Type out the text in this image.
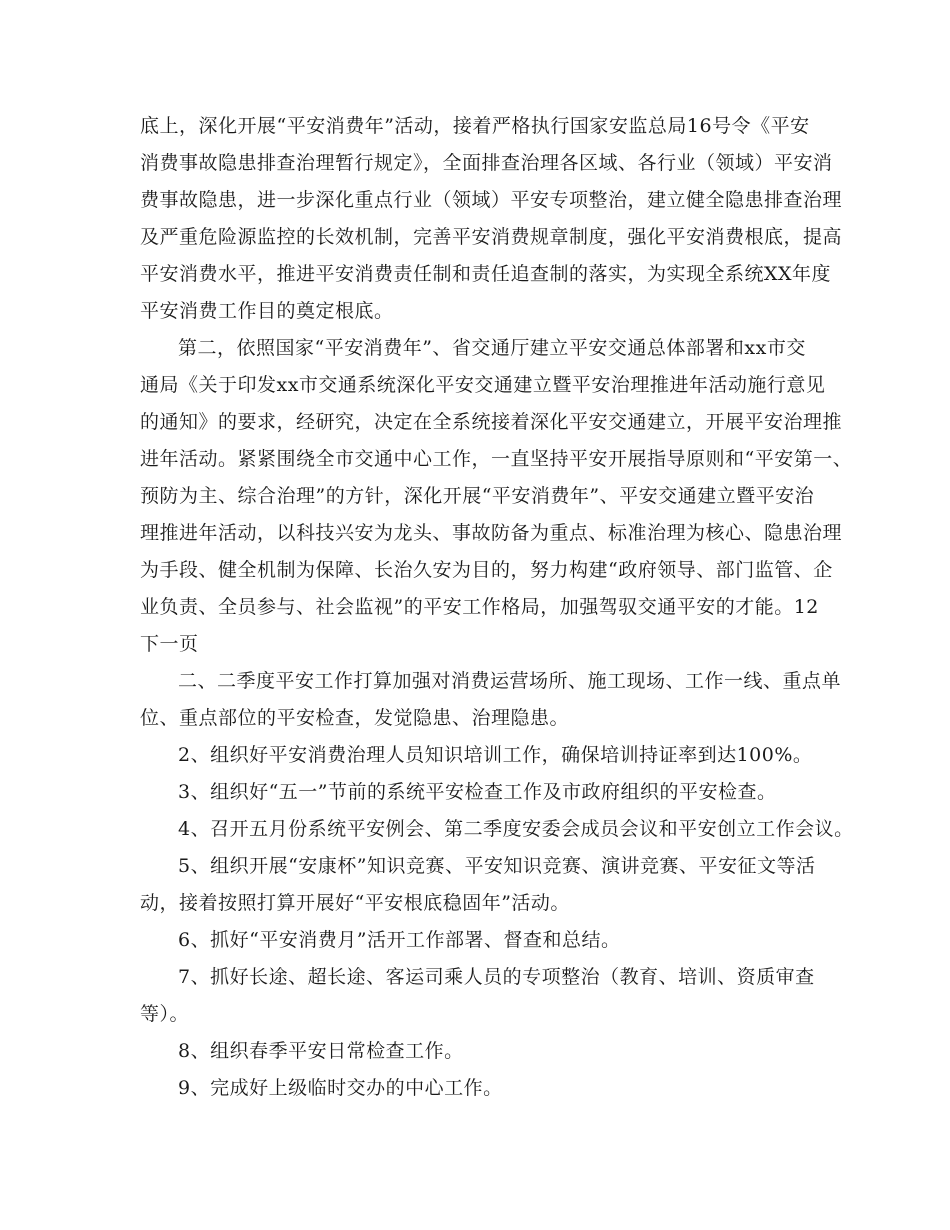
底上，深化开展“平安消费年”活动，接着严格执行国家安监总局16号令《平安
消费事故隐患排查治理暂行规定》，全面排查治理各区域、各行业（领域）平安消
费事故隐患，进一步深化重点行业（领域）平安专项整治，建立健全隐患排查治理
及严重危险源监控的长效机制，完善平安消费规章制度，强化平安消费根底，提高
平安消费水平，推进平安消费责任制和责任追查制的落实，为实现全系统XX年度
平安消费工作目的奠定根底。
第二，依照国家“平安消费年”、省交通厅建立平安交通总体部署和xx市交
通局《关于印发xx市交通系统深化平安交通建立暨平安治理推进年活动施行意见
的通知》的要求，经研究，决定在全系统接着深化平安交通建立，开展平安治理推
进年活动。紧紧围绕全市交通中心工作，一直坚持平安开展指导原则和“平安第一、
预防为主、综合治理”的方针，深化开展“平安消费年”、平安交通建立暨平安治
理推进年活动，以科技兴安为龙头、事故防备为重点、标准治理为核心、隐患治理
为手段、健全机制为保障、长治久安为目的，努力构建“政府领导、部门监管、企
业负责、全员参与、社会监视”的平安工作格局，加强驾驭交通平安的才能。12
下一页
二、二季度平安工作打算加强对消费运营场所、施工现场、工作一线、重点单
位、重点部位的平安检查，发觉隐患、治理隐患。
2、组织好平安消费治理人员知识培训工作，确保培训持证率到达100%。
3、组织好“五一”节前的系统平安检查工作及市政府组织的平安检查。
4、召开五月份系统平安例会、第二季度安委会成员会议和平安创立工作会议。
5、组织开展“安康杯”知识竞赛、平安知识竞赛、演讲竞赛、平安征文等活
动，接着按照打算开展好“平安根底稳固年”活动。
6、抓好“平安消费月”活开工作部署、督查和总结。
7、抓好长途、超长途、客运司乘人员的专项整治（教育、培训、资质审查
等）。
8、组织春季平安日常检查工作。
9、完成好上级临时交办的中心工作。
